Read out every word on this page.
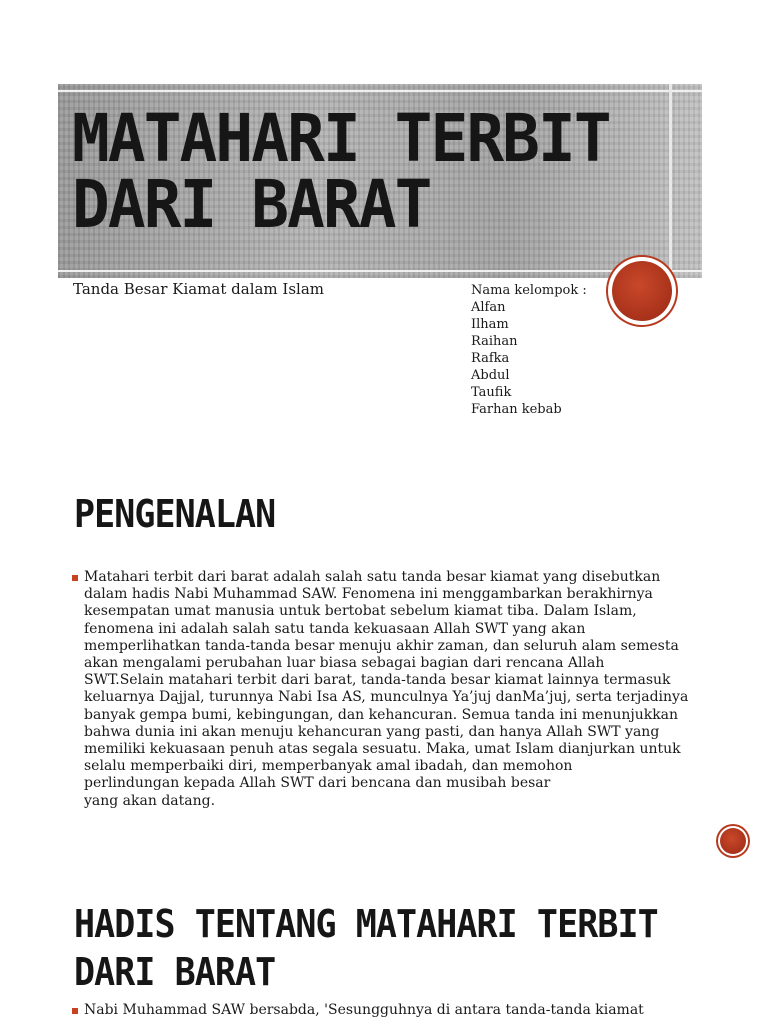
MATAHARI TERBIT
DARI BARAT
Tanda Besar Kiamat dalam Islam	Nama kelompok :
Alfan
Ilham
Raihan
Rafka
Abdul
Taufik
Farhan kebab
PENGENALAN
Matahari terbit dari barat adalah salah satu tanda besar kiamat yang disebutkan
dalam hadis Nabi Muhammad SAW. Fenomena ini menggambarkan berakhirnya
kesempatan umat manusia untuk bertobat sebelum kiamat tiba. Dalam Islam,
fenomena ini adalah salah satu tanda kekuasaan Allah SWT yang akan
memperlihatkan tanda-tanda besar menuju akhir zaman, dan seluruh alam semesta
akan mengalami perubahan luar biasa sebagai bagian dari rencana Allah
SWT.Selain matahari terbit dari barat, tanda-tanda besar kiamat lainnya termasuk
keluarnya Dajjal, turunnya Nabi Isa AS, munculnya Ya’juj danMa’juj, serta terjadinya
banyak gempa bumi, kebingungan, dan kehancuran. Semua tanda ini menunjukkan
bahwa dunia ini akan menuju kehancuran yang pasti, dan hanya Allah SWT yang
memiliki kekuasaan penuh atas segala sesuatu. Maka, umat Islam dianjurkan untuk
selalu memperbaiki diri, memperbanyak amal ibadah, dan memohon
perlindungan kepada Allah SWT dari bencana dan musibah besar
yang akan datang.
HADIS TENTANG MATAHARI TERBIT DARI BARAT
Nabi Muhammad SAW bersabda, 'Sesungguhnya di antara tanda-tanda kiamat
